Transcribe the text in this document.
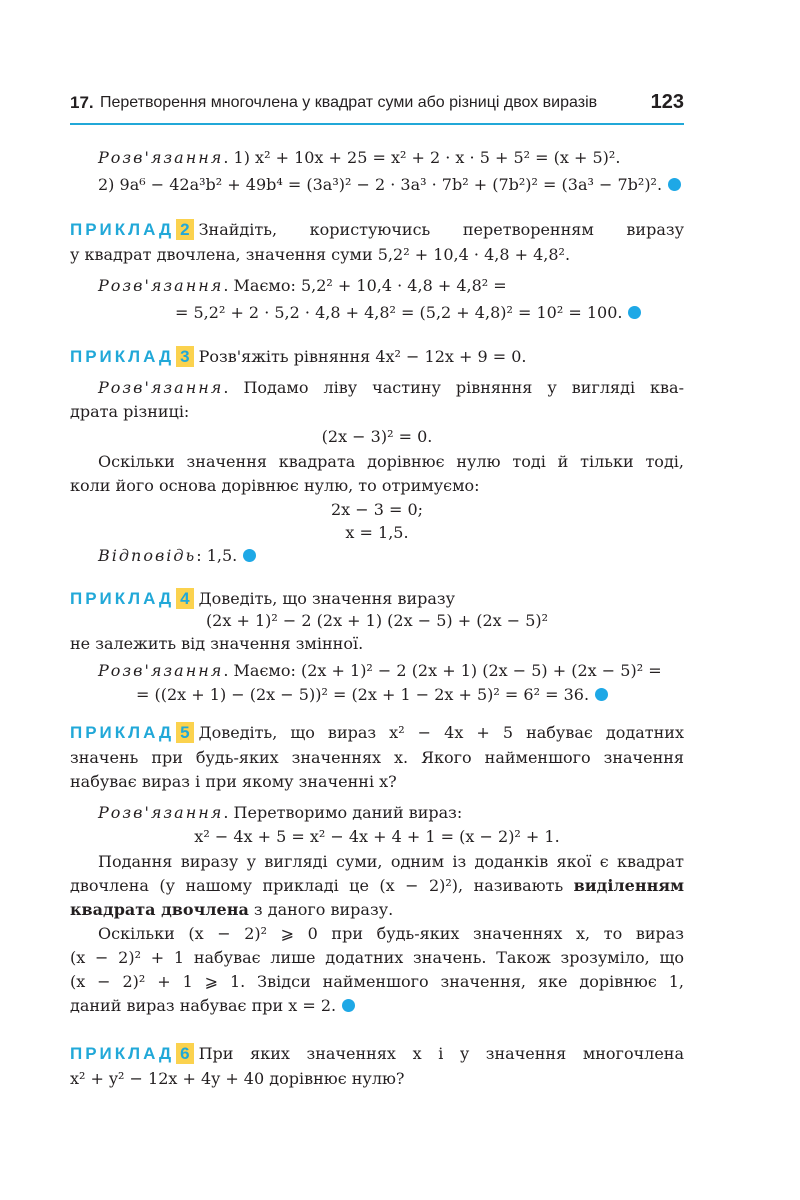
17. Перетворення многочлена у квадрат суми або різниці двох виразів	123
Розв'язання. 1) x² + 10x + 25 = x² + 2 · x · 5 + 5² = (x + 5)².
2) 9a⁶ − 42a³b² + 49b⁴ = (3a³)² − 2 · 3a³ · 7b² + (7b²)² = (3a³ − 7b²)².
ПРИКЛАД 2 Знайдіть, користуючись перетворенням виразу
у квадрат двочлена, значення суми 5,2² + 10,4 · 4,8 + 4,8².
Розв'язання. Маємо: 5,2² + 10,4 · 4,8 + 4,8² =
= 5,2² + 2 · 5,2 · 4,8 + 4,8² = (5,2 + 4,8)² = 10² = 100.
ПРИКЛАД 3 Розв'яжіть рівняння 4x² − 12x + 9 = 0.
Розв'язання. Подамо ліву частину рівняння у вигляді ква-
драта різниці:
(2x − 3)² = 0.
Оскільки значення квадрата дорівнює нулю тоді й тільки тоді,
коли його основа дорівнює нулю, то отримуємо:
2x − 3 = 0;
x = 1,5.
Відповідь: 1,5.
ПРИКЛАД 4 Доведіть, що значення виразу
(2x + 1)² − 2 (2x + 1) (2x − 5) + (2x − 5)²
не залежить від значення змінної.
Розв'язання. Маємо: (2x + 1)² − 2 (2x + 1) (2x − 5) + (2x − 5)² =
= ((2x + 1) − (2x − 5))² = (2x + 1 − 2x + 5)² = 6² = 36.
ПРИКЛАД 5 Доведіть, що вираз x² − 4x + 5 набуває додатних
значень при будь-яких значеннях x. Якого найменшого значення
набуває вираз і при якому значенні x?
Розв'язання. Перетворимо даний вираз:
x² − 4x + 5 = x² − 4x + 4 + 1 = (x − 2)² + 1.
Подання виразу у вигляді суми, одним із доданків якої є квадрат
двочлена (у нашому прикладі це (x − 2)²), називають виділенням
квадрата двочлена з даного виразу.
Оскільки (x − 2)² ⩾ 0 при будь-яких значеннях x, то вираз
(x − 2)² + 1 набуває лише додатних значень. Також зрозуміло, що
(x − 2)² + 1 ⩾ 1. Звідси найменшого значення, яке дорівнює 1,
даний вираз набуває при x = 2.
ПРИКЛАД 6 При яких значеннях x і y значення многочлена
x² + y² − 12x + 4y + 40 дорівнює нулю?
